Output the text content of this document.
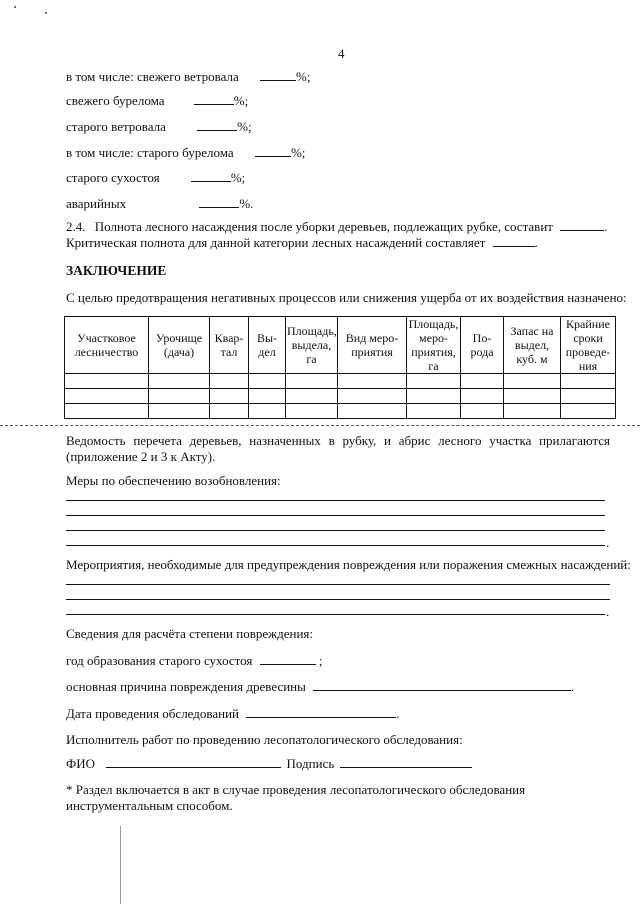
4
в том числе: свежего ветровала	%;
свежего бурелома	%;
старого ветровала	%;
в том числе: старого бурелома	%;
старого сухостоя	%;
аварийных	%.
2.4. Полнота лесного насаждения после уборки деревьев, подлежащих рубке, составит	.
Критическая полнота для данной категории лесных насаждений составляет	.
ЗАКЛЮЧЕНИЕ
С целью предотвращения негативных процессов или снижения ущерба от их воздействия назначено:
Участковое лесничество	Урочище (дача)	Квар-тал	Вы-дел	Площадь, выдела, га	Вид меро-приятия	Площадь, меро-приятия, га	По-рода	Запас на выдел, куб. м	Крайние сроки проведе-ния

Ведомость перечета деревьев, назначенных в рубку, и абрис лесного участка прилагаются (приложение 2 и 3 к Акту).
Меры по обеспечению возобновления:
.
Мероприятия, необходимые для предупреждения повреждения или поражения смежных насаждений:
.
Сведения для расчёта степени повреждения:
год образования старого сухостоя	;
основная причина повреждения древесины	.
Дата проведения обследований	.
Исполнитель работ по проведению лесопатологического обследования:
ФИО	Подпись
* Раздел включается в акт в случае проведения лесопатологического обследования инструментальным способом.
